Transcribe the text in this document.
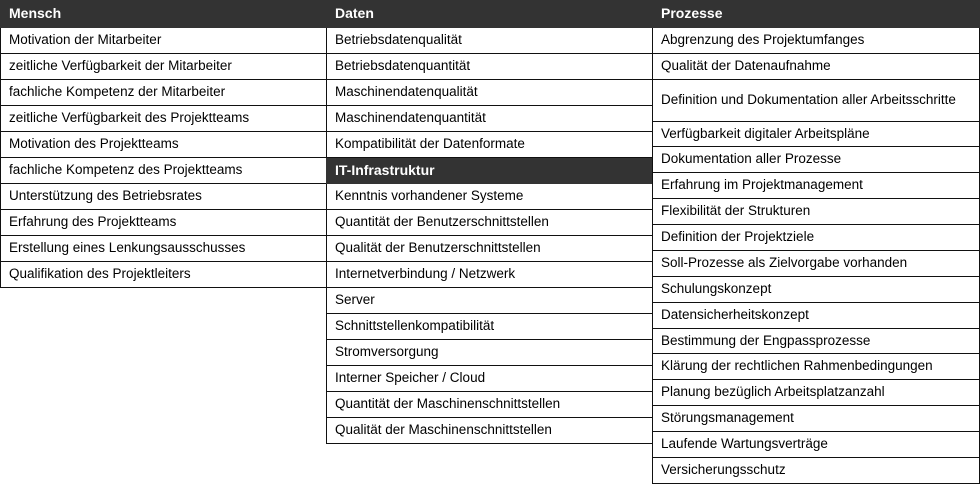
Mensch
Motivation der Mitarbeiter
zeitliche Verfügbarkeit der Mitarbeiter
fachliche Kompetenz der Mitarbeiter
zeitliche Verfügbarkeit des Projektteams
Motivation des Projektteams
fachliche Kompetenz des Projektteams
Unterstützung des Betriebsrates
Erfahrung des Projektteams
Erstellung eines Lenkungsausschusses
Qualifikation des Projektleiters
Daten
Betriebsdatenqualität
Betriebsdatenquantität
Maschinendatenqualität
Maschinendatenquantität
Kompatibilität der Datenformate
IT-Infrastruktur
Kenntnis vorhandener Systeme
Quantität der Benutzerschnittstellen
Qualität der Benutzerschnittstellen
Internetverbindung / Netzwerk
Server
Schnittstellenkompatibilität
Stromversorgung
Interner Speicher / Cloud
Quantität der Maschinenschnittstellen
Qualität der Maschinenschnittstellen
Prozesse
Abgrenzung des Projektumfanges
Qualität der Datenaufnahme
Definition und Dokumentation aller Arbeitsschritte
Verfügbarkeit digitaler Arbeitspläne
Dokumentation aller Prozesse
Erfahrung im Projektmanagement
Flexibilität der Strukturen
Definition der Projektziele
Soll-Prozesse als Zielvorgabe vorhanden
Schulungskonzept
Datensicherheitskonzept
Bestimmung der Engpassprozesse
Klärung der rechtlichen Rahmenbedingungen
Planung bezüglich Arbeitsplatzanzahl
Störungsmanagement
Laufende Wartungsverträge
Versicherungsschutz
